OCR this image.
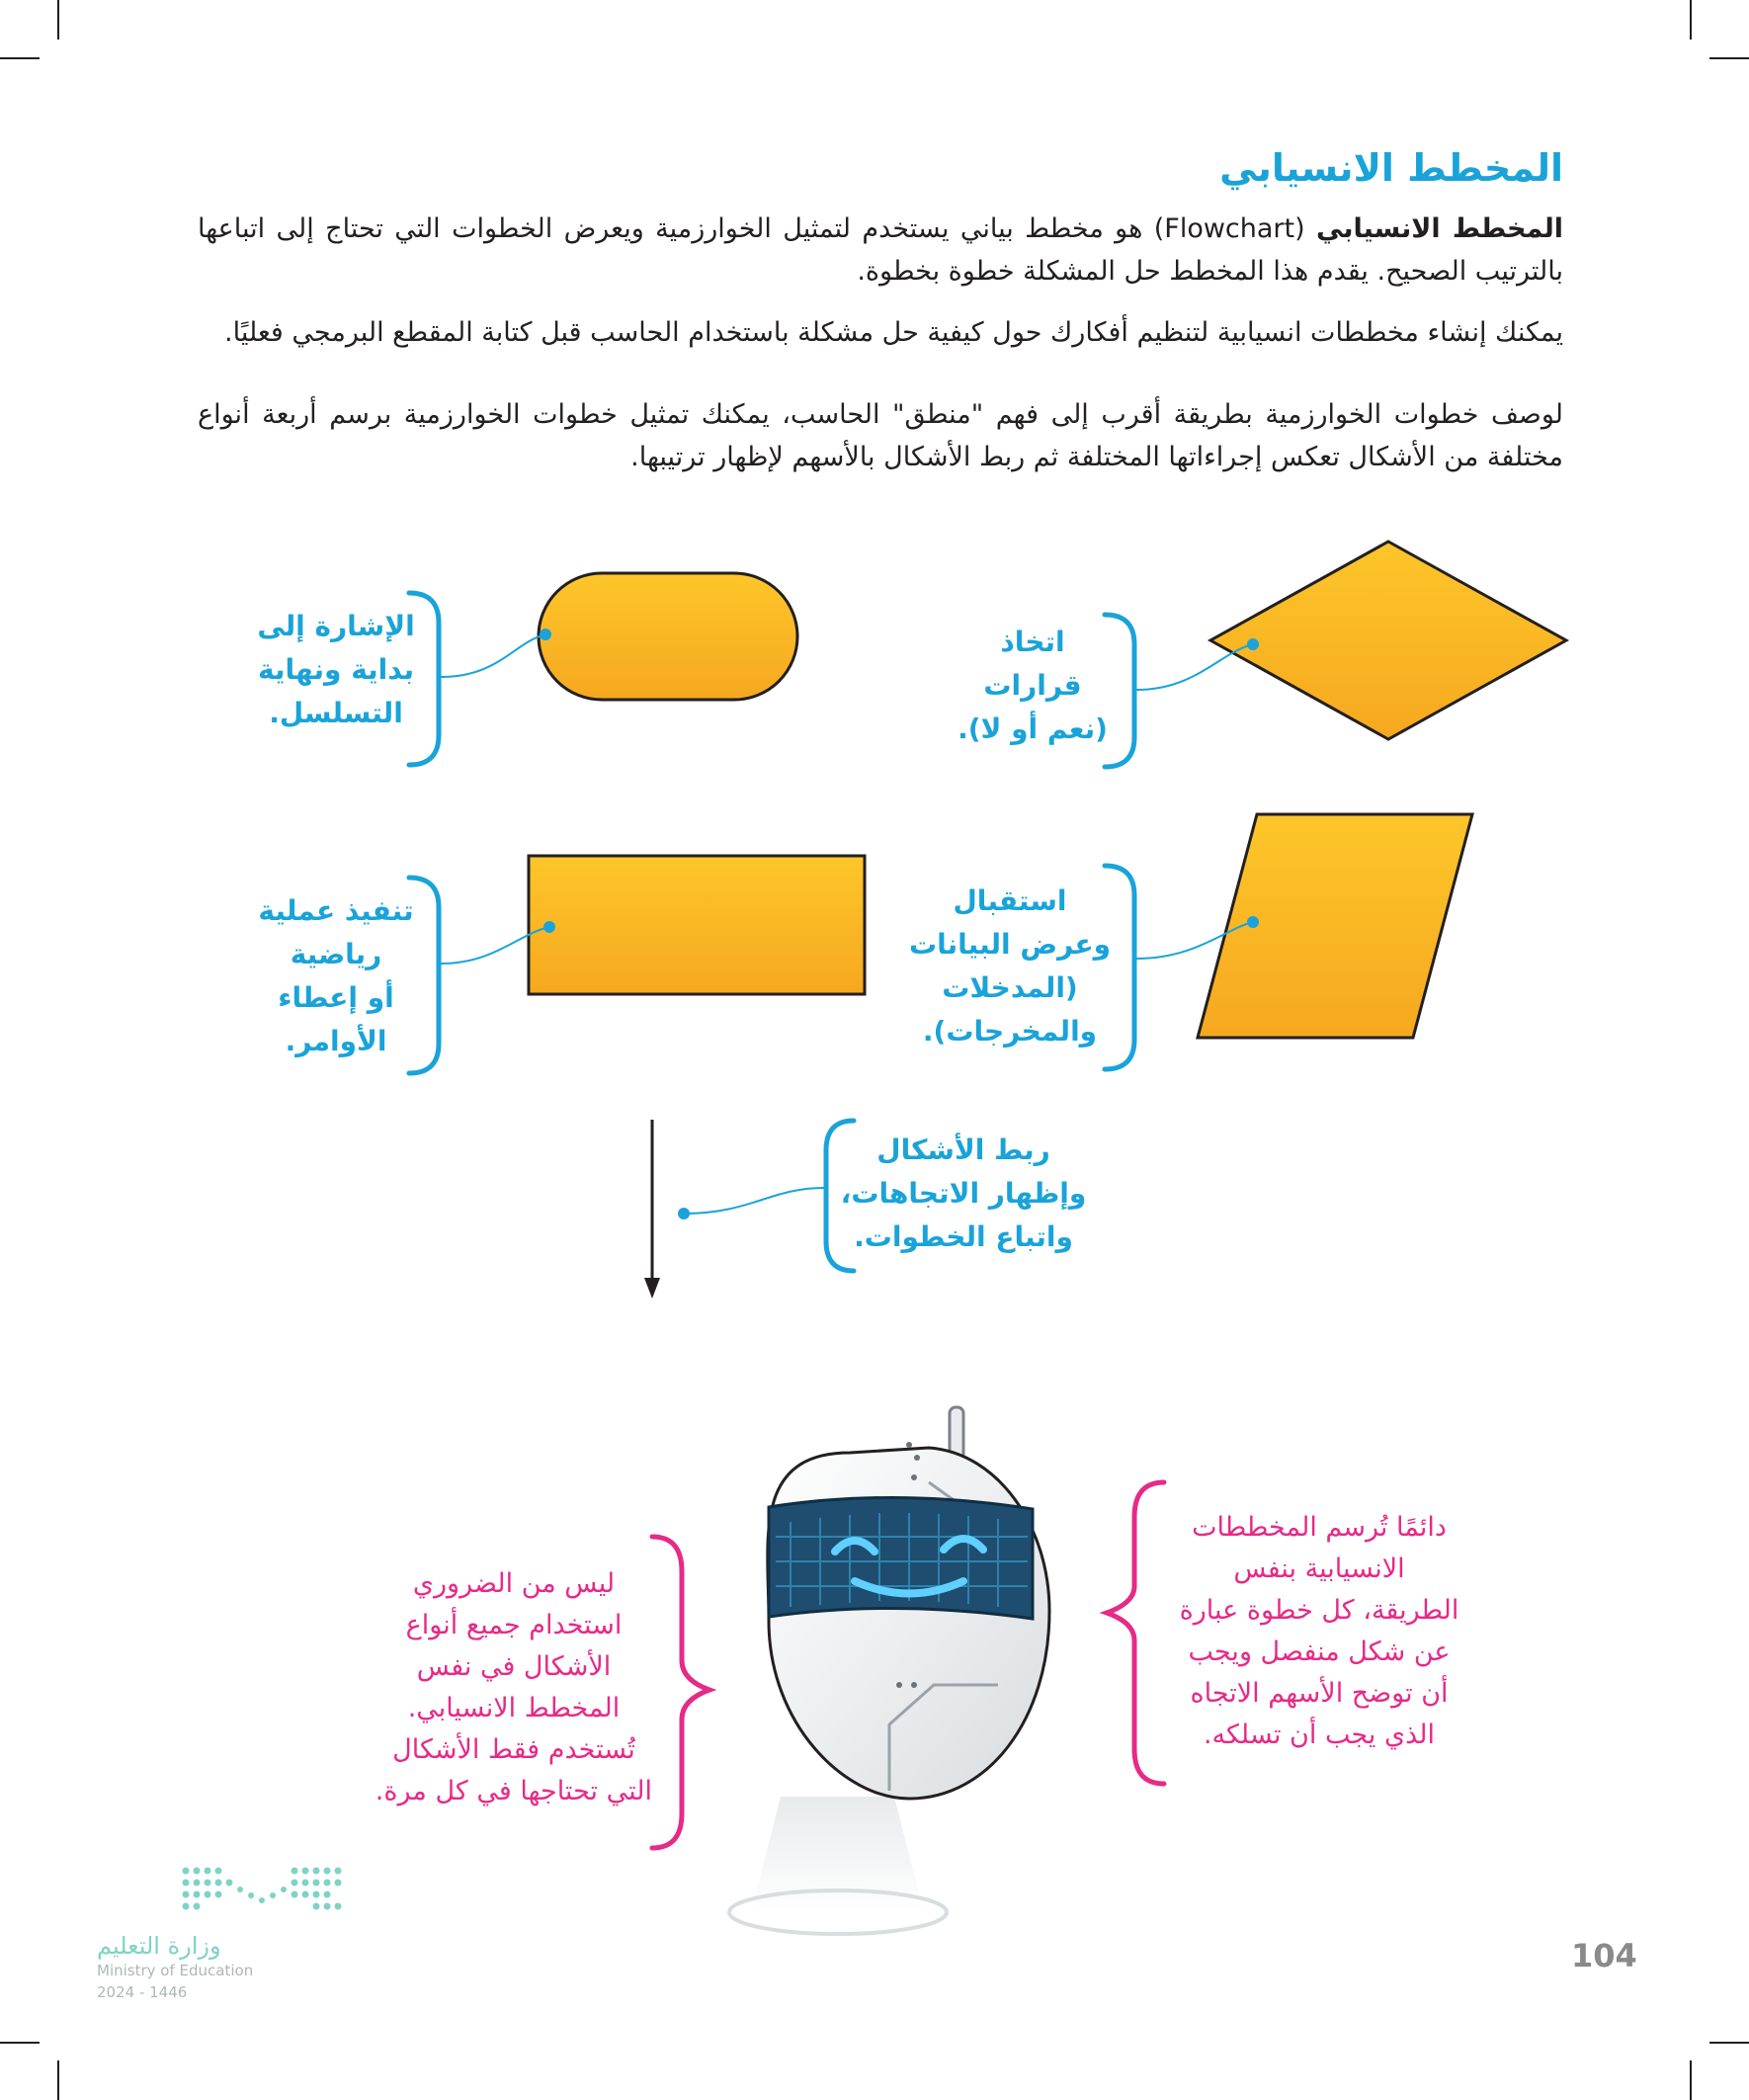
المخطط الانسيابي

المخطط الانسيابي (Flowchart) هو مخطط بياني يستخدم لتمثيل الخوارزمية ويعرض الخطوات التي تحتاج إلى اتباعها بالترتيب الصحيح. يقدم هذا المخطط حل المشكلة خطوة بخطوة.

يمكنك إنشاء مخططات انسيابية لتنظيم أفكارك حول كيفية حل مشكلة باستخدام الحاسب قبل كتابة المقطع البرمجي فعليًا.

لوصف خطوات الخوارزمية بطريقة أقرب إلى فهم "منطق" الحاسب، يمكنك تمثيل خطوات الخوارزمية برسم أربعة أنواع مختلفة من الأشكال تعكس إجراءاتها المختلفة ثم ربط الأشكال بالأسهم لإظهار ترتيبها.

الإشارة إلى
بداية ونهاية
التسلسل.
اتخاذ
قرارات
(نعم أو لا).
تنفيذ عملية
رياضية
أو إعطاء
الأوامر.
استقبال
وعرض البيانات
(المدخلات
والمخرجات).
ربط الأشكال
وإظهار الاتجاهات،
واتباع الخطوات.
ليس من الضروري
استخدام جميع أنواع
الأشكال في نفس
المخطط الانسيابي.
تُستخدم فقط الأشكال
التي تحتاجها في كل مرة.
دائمًا تُرسم المخططات
الانسيابية بنفس
الطريقة، كل خطوة عبارة
عن شكل منفصل ويجب
أن توضح الأسهم الاتجاه
الذي يجب أن تسلكه.
وزارة التعليم
Ministry of Education
2024 - 1446
104
